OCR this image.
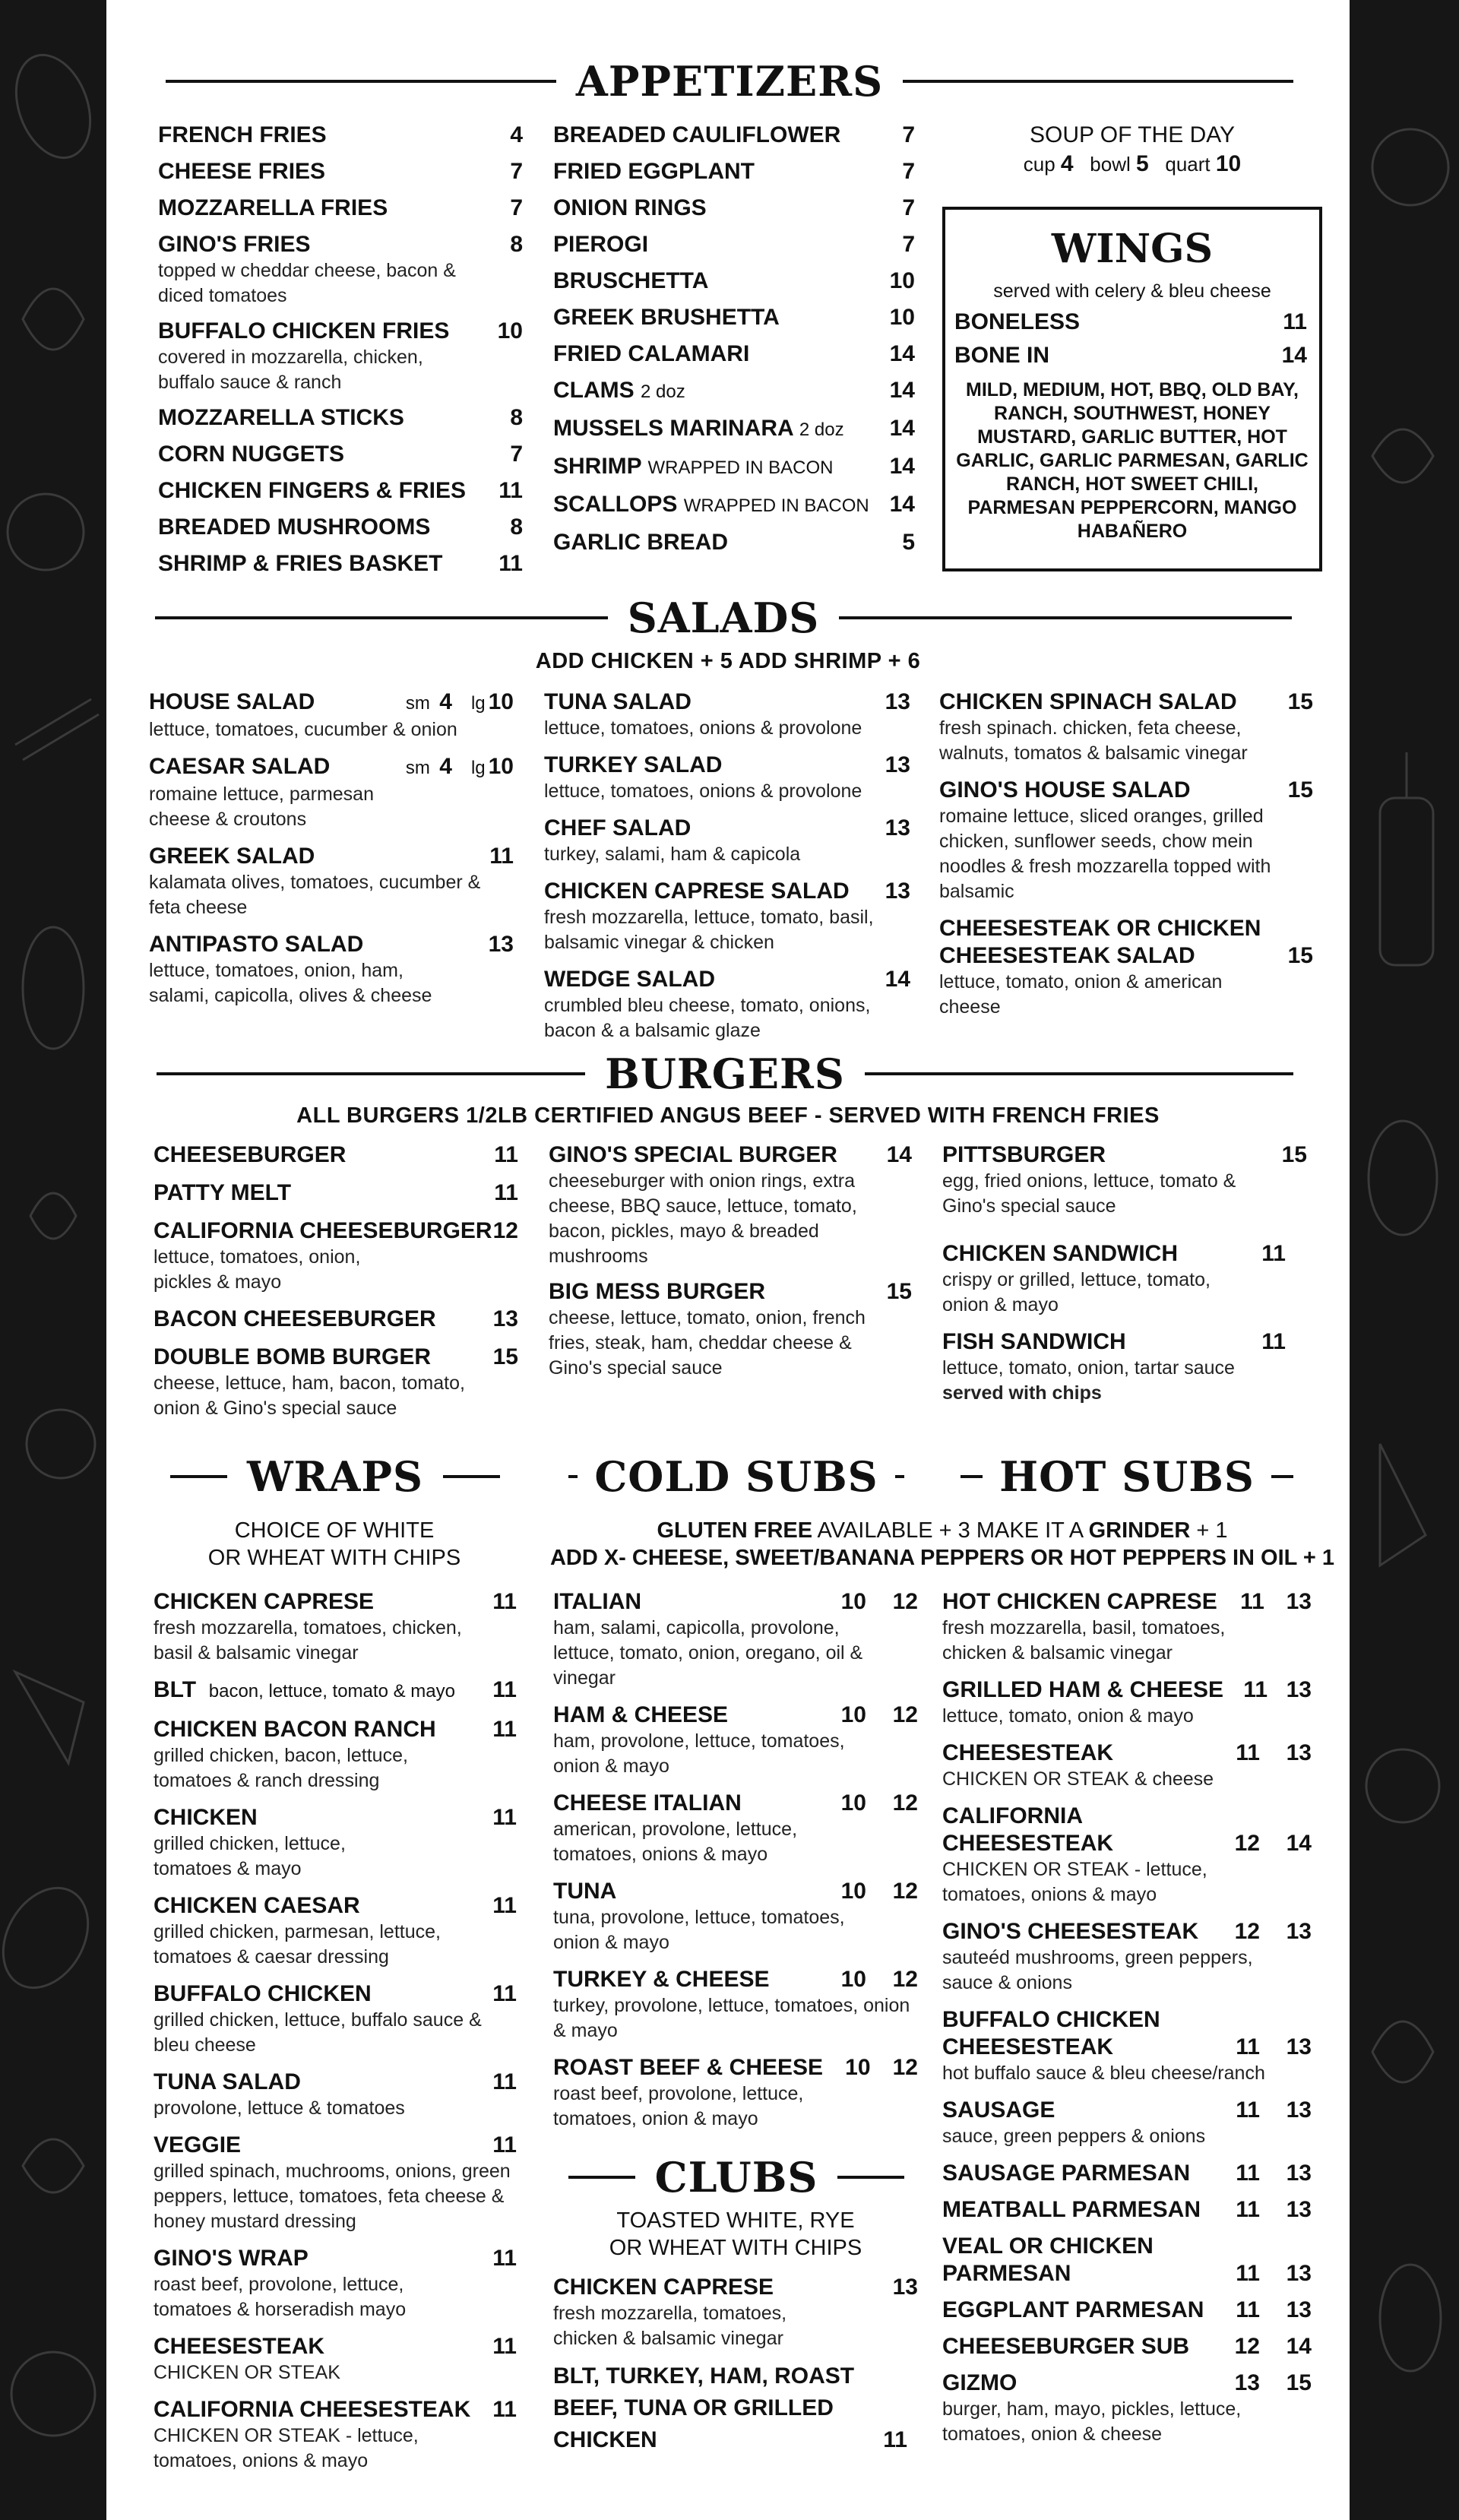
APPETIZERS
FRENCH FRIES	4
CHEESE FRIES	7
MOZZARELLA FRIES	7
GINO'S FRIES	8
topped w cheddar cheese, bacon & diced tomatoes
BUFFALO CHICKEN FRIES	10
covered in mozzarella, chicken, buffalo sauce & ranch
MOZZARELLA STICKS	8
CORN NUGGETS	7
CHICKEN FINGERS & FRIES	11
BREADED MUSHROOMS	8
SHRIMP & FRIES BASKET	11
BREADED CAULIFLOWER	7
FRIED EGGPLANT	7
ONION RINGS	7
PIEROGI	7
BRUSCHETTA	10
GREEK BRUSHETTA	10
FRIED CALAMARI	14
CLAMS 2 doz	14
MUSSELS MARINARA 2 doz	14
SHRIMP WRAPPED IN BACON	14
SCALLOPS WRAPPED IN BACON 14
GARLIC BREAD	5
SOUP OF THE DAY
cup 4 bowl 5 quart 10
WINGS
served with celery & bleu cheese
BONELESS	11
BONE IN	14
MILD, MEDIUM, HOT, BBQ, OLD BAY, RANCH, SOUTHWEST, HONEY MUSTARD, GARLIC BUTTER, HOT GARLIC, GARLIC PARMESAN, GARLIC RANCH, HOT SWEET CHILI, PARMESAN PEPPERCORN, MANGO HABAÑERO
SALADS
ADD CHICKEN + 5 ADD SHRIMP + 6
HOUSE SALAD	sm 4 lg 10
lettuce, tomatoes, cucumber & onion
CAESAR SALAD	sm 4 lg 10
romaine lettuce, parmesan cheese & croutons
GREEK SALAD	11
kalamata olives, tomatoes, cucumber & feta cheese
ANTIPASTO SALAD	13
lettuce, tomatoes, onion, ham, salami, capicolla, olives & cheese
TUNA SALAD	13
lettuce, tomatoes, onions & provolone
TURKEY SALAD	13
lettuce, tomatoes, onions & provolone
CHEF SALAD	13
turkey, salami, ham & capicola
CHICKEN CAPRESE SALAD	13
fresh mozzarella, lettuce, tomato, basil, balsamic vinegar & chicken
WEDGE SALAD	14
crumbled bleu cheese, tomato, onions, bacon & a balsamic glaze
CHICKEN SPINACH SALAD	15
fresh spinach. chicken, feta cheese, walnuts, tomatos & balsamic vinegar
GINO'S HOUSE SALAD	15
romaine lettuce, sliced oranges, grilled chicken, sunflower seeds, chow mein noodles & fresh mozzarella topped with balsamic
CHEESESTEAK OR CHICKEN
CHEESESTEAK SALAD	15
lettuce, tomato, onion & american cheese
BURGERS
ALL BURGERS 1/2LB CERTIFIED ANGUS BEEF - SERVED WITH FRENCH FRIES
CHEESEBURGER	11
PATTY MELT	11
CALIFORNIA CHEESEBURGER 12
lettuce, tomatoes, onion, pickles & mayo
BACON CHEESEBURGER	13
DOUBLE BOMB BURGER	15
cheese, lettuce, ham, bacon, tomato, onion & Gino's special sauce
GINO'S SPECIAL BURGER	14
cheeseburger with onion rings, extra cheese, BBQ sauce, lettuce, tomato, bacon, pickles, mayo & breaded mushrooms
BIG MESS BURGER	15
cheese, lettuce, tomato, onion, french fries, steak, ham, cheddar cheese & Gino's special sauce
PITTSBURGER	15
egg, fried onions, lettuce, tomato & Gino's special sauce
CHICKEN SANDWICH	11
crispy or grilled, lettuce, tomato, onion & mayo
FISH SANDWICH	11
lettuce, tomato, onion, tartar sauce
served with chips
WRAPS	COLD SUBS	HOT SUBS
CHOICE OF WHITE
OR WHEAT WITH CHIPS
GLUTEN FREE AVAILABLE + 3 MAKE IT A GRINDER + 1
ADD X- CHEESE, SWEET/BANANA PEPPERS OR HOT PEPPERS IN OIL + 1
CHICKEN CAPRESE	11
fresh mozzarella, tomatoes, chicken, basil & balsamic vinegar
BLT bacon, lettuce, tomato & mayo	11
CHICKEN BACON RANCH	11
grilled chicken, bacon, lettuce, tomatoes & ranch dressing
CHICKEN	11
grilled chicken, lettuce, tomatoes & mayo
CHICKEN CAESAR	11
grilled chicken, parmesan, lettuce, tomatoes & caesar dressing
BUFFALO CHICKEN	11
grilled chicken, lettuce, buffalo sauce & bleu cheese
TUNA SALAD	11
provolone, lettuce & tomatoes
VEGGIE	11
grilled spinach, muchrooms, onions, green peppers, lettuce, tomatoes, feta cheese & honey mustard dressing
GINO'S WRAP	11
roast beef, provolone, lettuce, tomatoes & horseradish mayo
CHEESESTEAK	11
CHICKEN OR STEAK
CALIFORNIA CHEESESTEAK 11
CHICKEN OR STEAK - lettuce, tomatoes, onions & mayo
ITALIAN	10	12
ham, salami, capicolla, provolone, lettuce, tomato, onion, oregano, oil & vinegar
HAM & CHEESE	10	12
ham, provolone, lettuce, tomatoes, onion & mayo
CHEESE ITALIAN	10	12
american, provolone, lettuce, tomatoes, onions & mayo
TUNA	10	12
tuna, provolone, lettuce, tomatoes, onion & mayo
TURKEY & CHEESE	10	12
turkey, provolone, lettuce, tomatoes, onion & mayo
ROAST BEEF & CHEESE 10 12
roast beef, provolone, lettuce, tomatoes, onion & mayo
CLUBS
TOASTED WHITE, RYE
OR WHEAT WITH CHIPS
CHICKEN CAPRESE	13
fresh mozzarella, tomatoes, chicken & balsamic vinegar
BLT, TURKEY, HAM, ROAST
BEEF, TUNA OR GRILLED
CHICKEN	11
HOT CHICKEN CAPRESE	11 13
fresh mozzarella, basil, tomatoes, chicken & balsamic vinegar
GRILLED HAM & CHEESE 11 13
lettuce, tomato, onion & mayo
CHEESESTEAK	11	13
CHICKEN OR STEAK & cheese
CALIFORNIA
CHEESESTEAK	12	14
CHICKEN OR STEAK - lettuce, tomatoes, onions & mayo
GINO'S CHEESESTEAK	12	13
sauteéd mushrooms, green peppers, sauce & onions
BUFFALO CHICKEN
CHEESESTEAK	11	13
hot buffalo sauce & bleu cheese/ranch
SAUSAGE	11	13
sauce, green peppers & onions
SAUSAGE PARMESAN	11	13
MEATBALL PARMESAN	11	13
VEAL OR CHICKEN
PARMESAN	11	13
EGGPLANT PARMESAN	11	13
CHEESEBURGER SUB	12	14
GIZMO	13	15
burger, ham, mayo, pickles, lettuce, tomatoes, onion & cheese
